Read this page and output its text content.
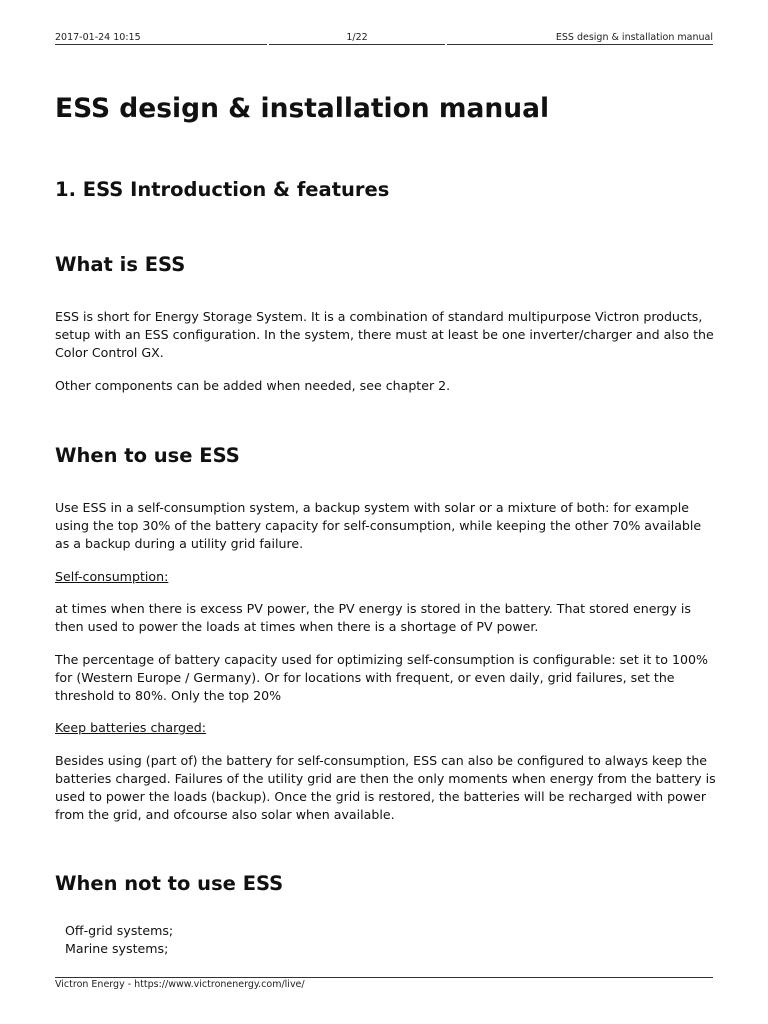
2017-01-24 10:15	1/22	ESS design & installation manual
ESS design & installation manual
1. ESS Introduction & features
What is ESS

ESS is short for Energy Storage System. It is a combination of standard multipurpose Victron products, setup with an ESS configuration. In the system, there must at least be one inverter/charger and also the Color Control GX.

Other components can be added when needed, see chapter 2.

When to use ESS

Use ESS in a self-consumption system, a backup system with solar or a mixture of both: for example using the top 30% of the battery capacity for self-consumption, while keeping the other 70% available as a backup during a utility grid failure.

Self-consumption:

at times when there is excess PV power, the PV energy is stored in the battery. That stored energy is then used to power the loads at times when there is a shortage of PV power.

The percentage of battery capacity used for optimizing self-consumption is configurable: set it to 100% for (Western Europe / Germany). Or for locations with frequent, or even daily, grid failures, set the threshold to 80%. Only the top 20%

Keep batteries charged:

Besides using (part of) the battery for self-consumption, ESS can also be configured to always keep the batteries charged. Failures of the utility grid are then the only moments when energy from the battery is used to power the loads (backup). Once the grid is restored, the batteries will be recharged with power from the grid, and ofcourse also solar when available.

When not to use ESS
Off-grid systems;
Marine systems;
Victron Energy - https://www.victronenergy.com/live/
